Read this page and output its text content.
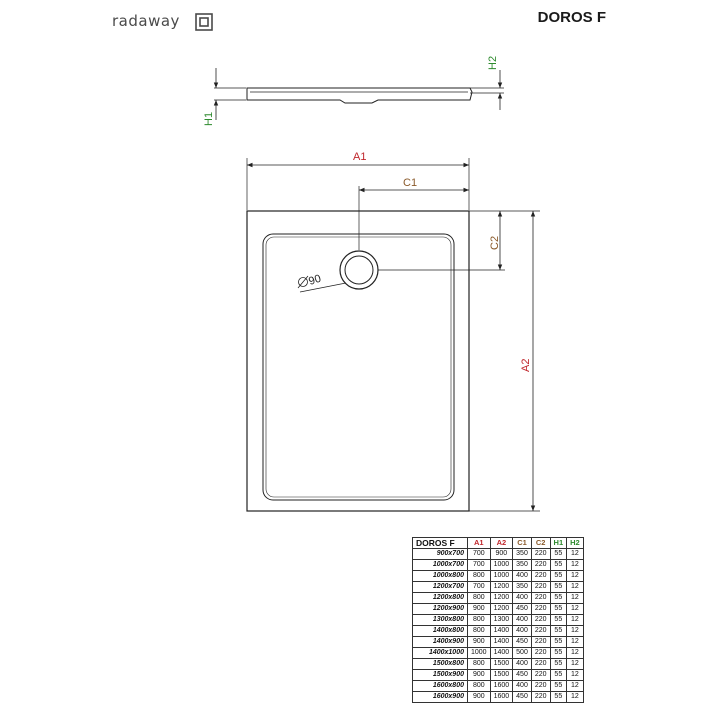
radaway	DOROS F
H1
H2
A1
C1
C2
A2
90
DOROS F	A1	A2	C1	C2	H1	H2
900x700	700	900	350	220	55	12
1000x700	700	1000	350	220	55	12
1000x800	800	1000	400	220	55	12
1200x700	700	1200	350	220	55	12
1200x800	800	1200	400	220	55	12
1200x900	900	1200	450	220	55	12
1300x800	800	1300	400	220	55	12
1400x800	800	1400	400	220	55	12
1400x900	900	1400	450	220	55	12
1400x1000	1000	1400	500	220	55	12
1500x800	800	1500	400	220	55	12
1500x900	900	1500	450	220	55	12
1600x800	800	1600	400	220	55	12
1600x900	900	1600	450	220	55	12
